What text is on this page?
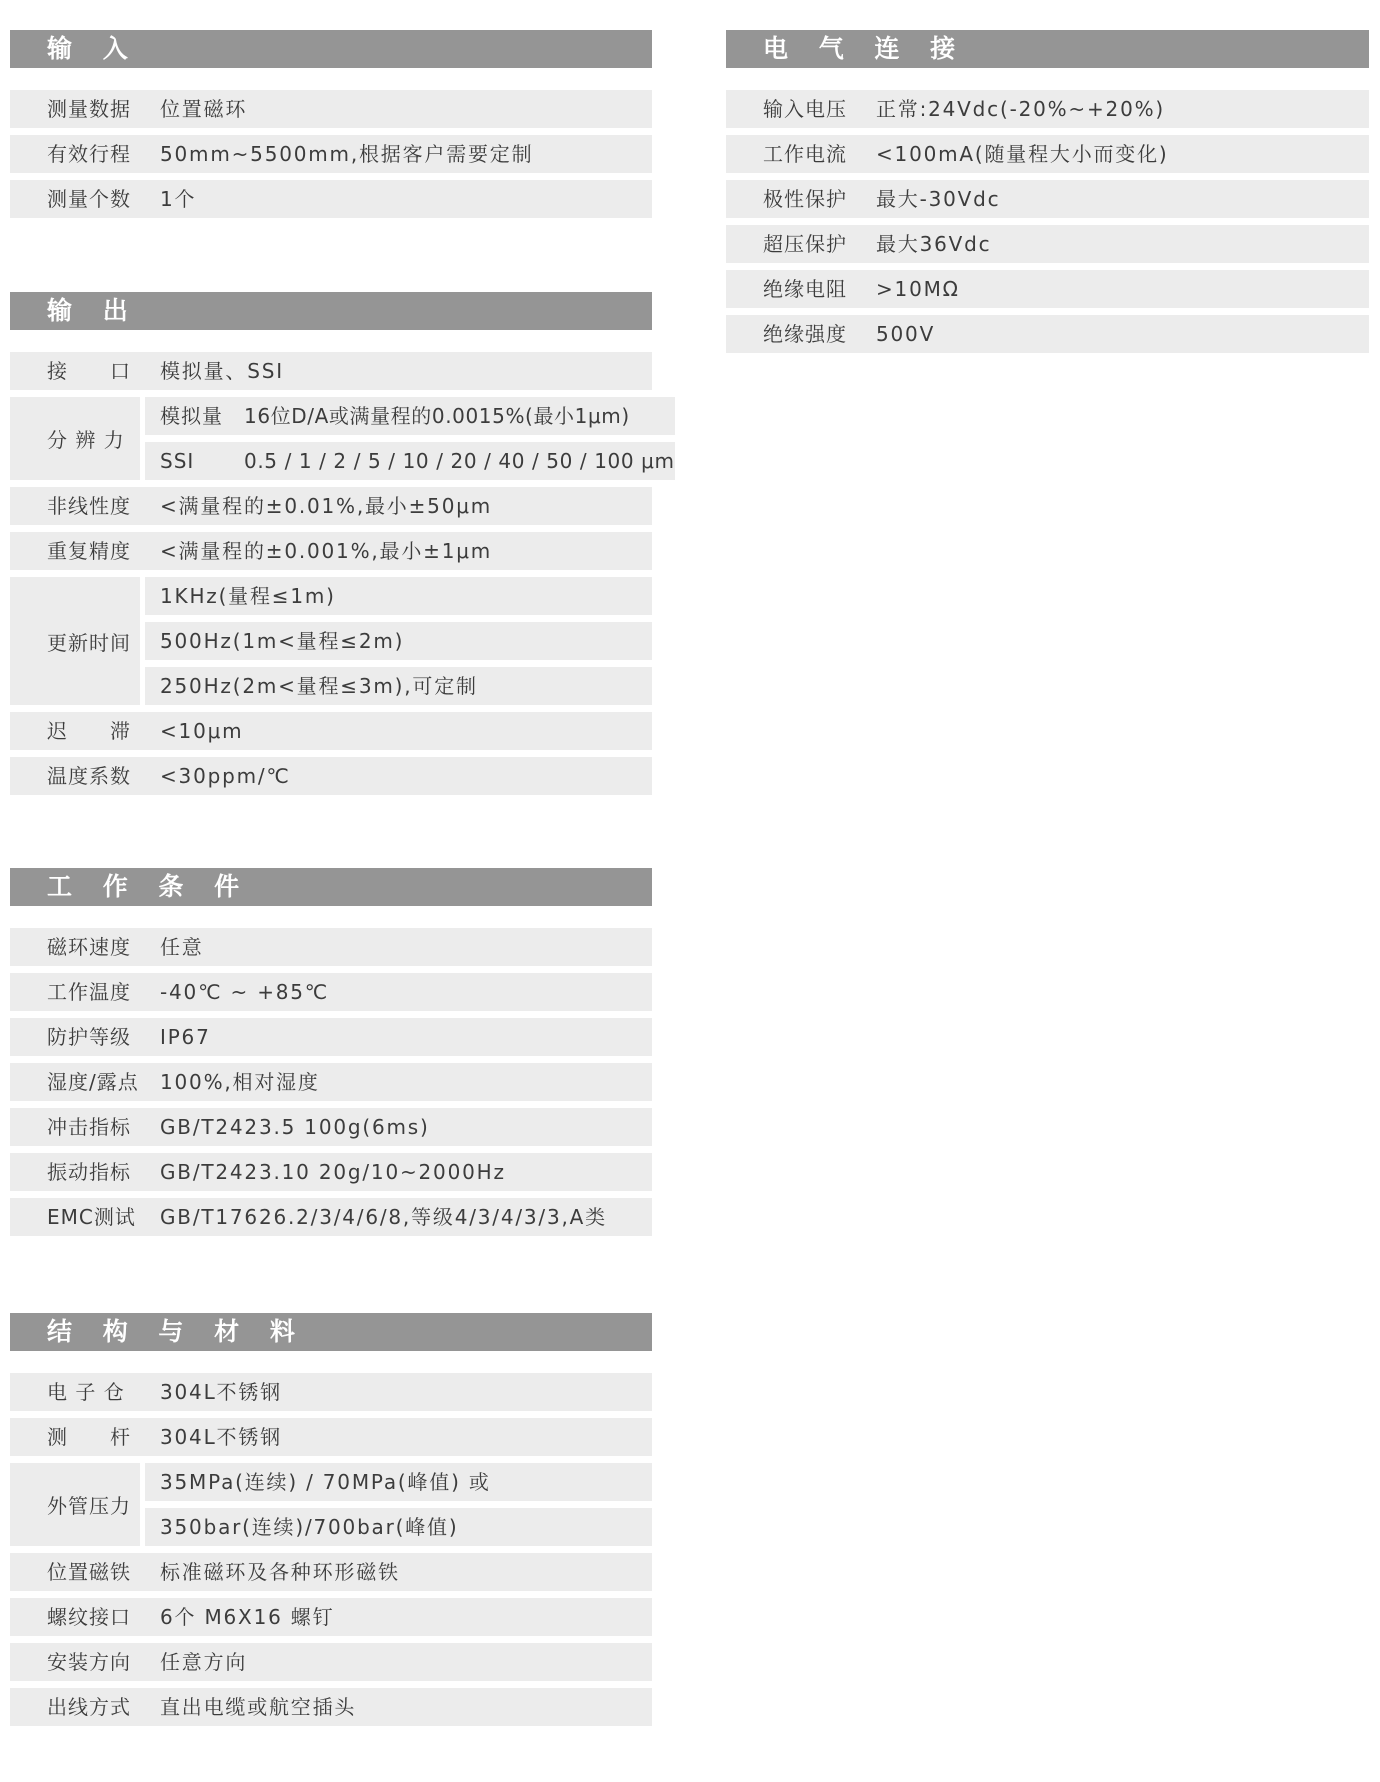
输 入
测量数据	位置磁环
有效行程	50mm~5500mm,根据客户需要定制
测量个数	1个
输 出
接　　口	模拟量、SSI
分 辨 力
模拟量	16位D/A或满量程的0.0015%(最小1μm)
SSI	0.5 / 1 / 2 / 5 / 10 / 20 / 40 / 50 / 100 μm
非线性度	<满量程的±0.01%,最小±50μm
重复精度	<满量程的±0.001%,最小±1μm
更新时间
1KHz(量程≤1m)
500Hz(1m<量程≤2m)
250Hz(2m<量程≤3m),可定制
迟　　滞	<10μm
温度系数	<30ppm/℃
工 作 条 件
磁环速度	任意
工作温度	-40℃ ~ +85℃
防护等级	IP67
湿度/露点	100%,相对湿度
冲击指标	GB/T2423.5 100g(6ms)
振动指标	GB/T2423.10 20g/10~2000Hz
EMC测试	GB/T17626.2/3/4/6/8,等级4/3/4/3/3,A类
结 构 与 材 料
电 子 仓	304L不锈钢
测　　杆	304L不锈钢
外管压力
35MPa(连续) / 70MPa(峰值) 或
350bar(连续)/700bar(峰值)
位置磁铁	标准磁环及各种环形磁铁
螺纹接口	6个 M6X16 螺钉
安装方向	任意方向
出线方式	直出电缆或航空插头
电 气 连 接
输入电压	正常:24Vdc(-20%~+20%)
工作电流	<100mA(随量程大小而变化)
极性保护	最大-30Vdc
超压保护	最大36Vdc
绝缘电阻	>10MΩ
绝缘强度	500V
